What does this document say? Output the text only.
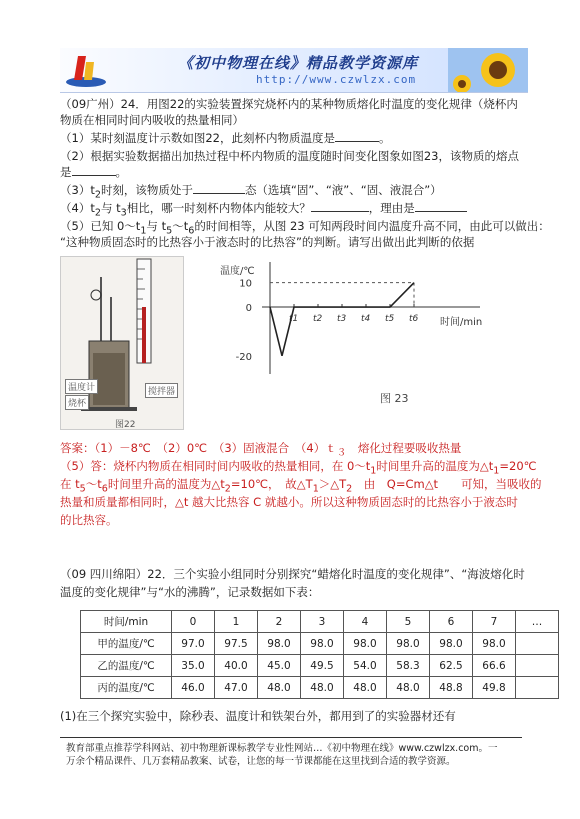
《初中物理在线》精品教学资源库
http://www.czwlzx.com
（09广州）24．用图22的实验装置探究烧杯内的某种物质熔化时温度的变化规律（烧杯内
物质在相同时间内吸收的热量相同）
（1）某时刻温度计示数如图22，此刻杯内物质温度是	。
（2）根据实验数据描出加热过程中杯内物质的温度随时间变化图象如图23，该物质的熔点
是	。
$(3)t_2$时刻，该物质处于	态（选填“固”、“液”、“固、液混合”）
$(4)t_2$与 $t_3$相比，哪一时刻杯内物体内能较大？	，理由是
（5）已知 $0\sim t_1$与 $t_5\sim t_6$的时间相等，从图 23 可知两段时间内温度升高不同，由此可以做出：
“这种物质固态时的比热容小于液态时的比热容”的判断。请写出做出此判断的依据
温度计
烧杯
搅拌器
图22
温度/℃
时间/min
10
0
-20
t1 t2 t3 t4 t5 t6
图 23
答案：（1）－8℃　（2）0℃　（3）固液混合　（4）ｔ$_3$　熔化过程要吸收热量
（5）答：烧杯内物质在相同时间内吸收的热量相同，在 $0\sim t_1$时间里升高的温度为$\triangle t_1=20℃$
在 $t_5\sim t_6$时间里升高的温度为$\triangle t_2=10℃$，　故$\triangle T_1>\triangle T_2$　由　Q=Cm△t　　可知，当吸收的
热量和质量都相同时，△t 越大比热容 C 就越小。所以这种物质固态时的比热容小于液态时
的比热容。
（09 四川绵阳）22．三个实验小组同时分别探究“蜡熔化时温度的变化规律”、“海波熔化时
温度的变化规律”与“水的沸腾”，记录数据如下表：
时间/min	0	1	2	3	4	5	6	7	…
甲的温度/℃	97.0	97.5	98.0	98.0	98.0	98.0	98.0	98.0	
乙的温度/℃	35.0	40.0	45.0	49.5	54.0	58.3	62.5	66.6	
丙的温度/℃	46.0	47.0	48.0	48.0	48.0	48.0	48.8	49.8	
(1)在三个探究实验中，除秒表、温度计和铁架台外，都用到了的实验器材还有
教育部重点推荐学科网站、初中物理新课标教学专业性网站…《初中物理在线》www.czwlzx.com。一
万余个精品课件、几万套精品教案、试卷，让您的每一节课都能在这里找到合适的教学资源。
